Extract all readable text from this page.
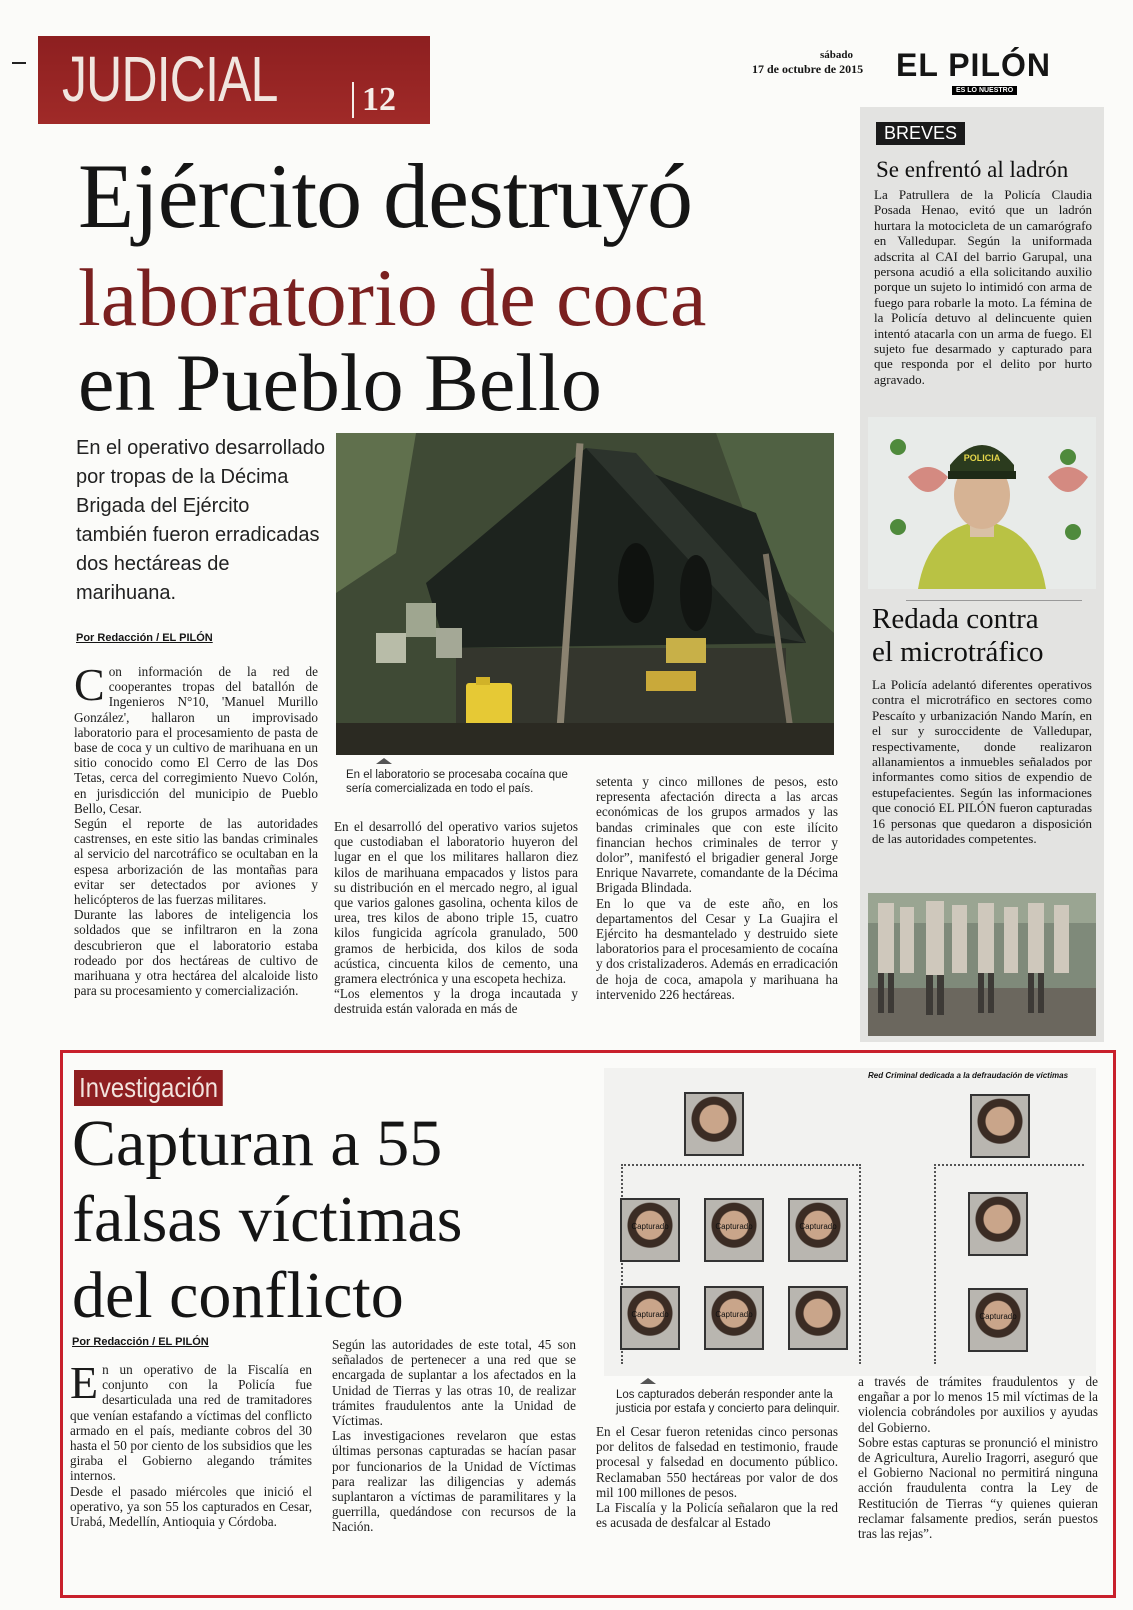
JUDICIAL 12
sábado
17 de octubre de 2015 EL PILÓN
ES LO NUESTRO
Ejército destruyó
laboratorio de coca
en Pueblo Bello
En el operativo desarrollado por tropas de la Décima Brigada del Ejército también fueron erradicadas dos hectáreas de marihuana.
Por Redacción / EL PILÓN
En el laboratorio se procesaba cocaína que sería comercializada en todo el país.
C on información de la red de cooperantes tropas del batallón de Ingenieros N°10, 'Manuel Murillo González', hallaron un improvisado laboratorio para el procesamiento de pasta de base de coca y un cultivo de marihuana en un sitio conocido como El Cerro de las Dos Tetas, cerca del corregimiento Nuevo Colón, en jurisdicción del municipio de Pueblo Bello, Cesar.

Según el reporte de las autoridades castrenses, en este sitio las bandas criminales al servicio del narcotráfico se ocultaban en la espesa arborización de las montañas para evitar ser detectados por aviones y helicópteros de las fuerzas militares.

Durante las labores de inteligencia los soldados que se infiltraron en la zona descubrieron que el laboratorio estaba rodeado por dos hectáreas de cultivo de marihuana y otra hectárea del alcaloide listo para su procesamiento y comercialización.

En el desarrolló del operativo varios sujetos que custodiaban el laboratorio huyeron del lugar en el que los militares hallaron diez kilos de marihuana empacados y listos para su distribución en el mercado negro, al igual que varios galones gasolina, ochenta kilos de urea, tres kilos de abono triple 15, cuatro kilos fungicida agrícola granulado, 500 gramos de herbicida, dos kilos de soda acústica, cincuenta kilos de cemento, una gramera electrónica y una escopeta hechiza.

“Los elementos y la droga incautada y destruida están valorada en más de

setenta y cinco millones de pesos, esto representa afectación directa a las arcas económicas de los grupos armados y las bandas criminales que con este ilícito financian hechos criminales de terror y dolor”, manifestó el brigadier general Jorge Enrique Navarrete, comandante de la Décima Brigada Blindada.

En lo que va de este año, en los departamentos del Cesar y La Guajira el Ejército ha desmantelado y destruido siete laboratorios para el procesamiento de cocaína y dos cristalizaderos. Además en erradicación de hoja de coca, amapola y marihuana ha intervenido 226 hectáreas.

BREVES
Se enfrentó al ladrón
La Patrullera de la Policía Claudia Posada Henao, evitó que un ladrón hurtara la motocicleta de un camarógrafo en Valledupar. Según la uniformada adscrita al CAI del barrio Garupal, una persona acudió a ella solicitando auxilio porque un sujeto lo intimidó con arma de fuego para robarle la moto. La fémina de la Policía detuvo al delincuente quien intentó atacarla con un arma de fuego. El sujeto fue desarmado y capturado para que responda por el delito por hurto agravado.
POLICIA
Redada contra
el microtráfico
La Policía adelantó diferentes operativos contra el microtráfico en sectores como Pescaíto y urbanización Nando Marín, en el sur y suroccidente de Valledupar, respectivamente, donde realizaron allanamientos a inmuebles señalados por informantes como sitios de expendio de estupefacientes. Según las informaciones que conoció EL PILÓN fueron capturadas 16 personas que quedaron a disposición de las autoridades competentes.
Investigación
Capturan a 55
falsas víctimas
del conflicto
Por Redacción / EL PILÓN
E n un operativo de la Fiscalía en conjunto con la Policía fue desarticulada una red de tramitadores que venían estafando a víctimas del conflicto armado en el país, mediante cobros del 30 hasta el 50 por ciento de los subsidios que les giraba el Gobierno alegando trámites internos.

Desde el pasado miércoles que inició el operativo, ya son 55 los capturados en Cesar, Urabá, Medellín, Antioquia y Córdoba.

Según las autoridades de este total, 45 son señalados de pertenecer a una red que se encargada de suplantar a los afectados en la Unidad de Tierras y las otras 10, de realizar trámites fraudulentos ante la Unidad de Víctimas.

Las investigaciones revelaron que estas últimas personas capturadas se hacían pasar por funcionarios de la Unidad de Víctimas para realizar las diligencias y además suplantaron a víctimas de paramilitares y la guerrilla, quedándose con recursos de la Nación.

Capturado	Capturado	Capturado
Capturado	Capturado	Capturado
Red Criminal dedicada a la defraudación de víctimas
Los capturados deberán responder ante la justicia por estafa y concierto para delinquir.

En el Cesar fueron retenidas cinco personas por delitos de falsedad en testimonio, fraude procesal y falsedad en documento público. Reclamaban 550 hectáreas por valor de dos mil 100 millones de pesos.

La Fiscalía y la Policía señalaron que la red es acusada de desfalcar al Estado

a través de trámites fraudulentos y de engañar a por lo menos 15 mil víctimas de la violencia cobrándoles por auxilios y ayudas del Gobierno.

Sobre estas capturas se pronunció el ministro de Agricultura, Aurelio Iragorri, aseguró que el Gobierno Nacional no permitirá ninguna acción fraudulenta contra la Ley de Restitución de Tierras “y quienes quieran reclamar falsamente predios, serán puestos tras las rejas”.
